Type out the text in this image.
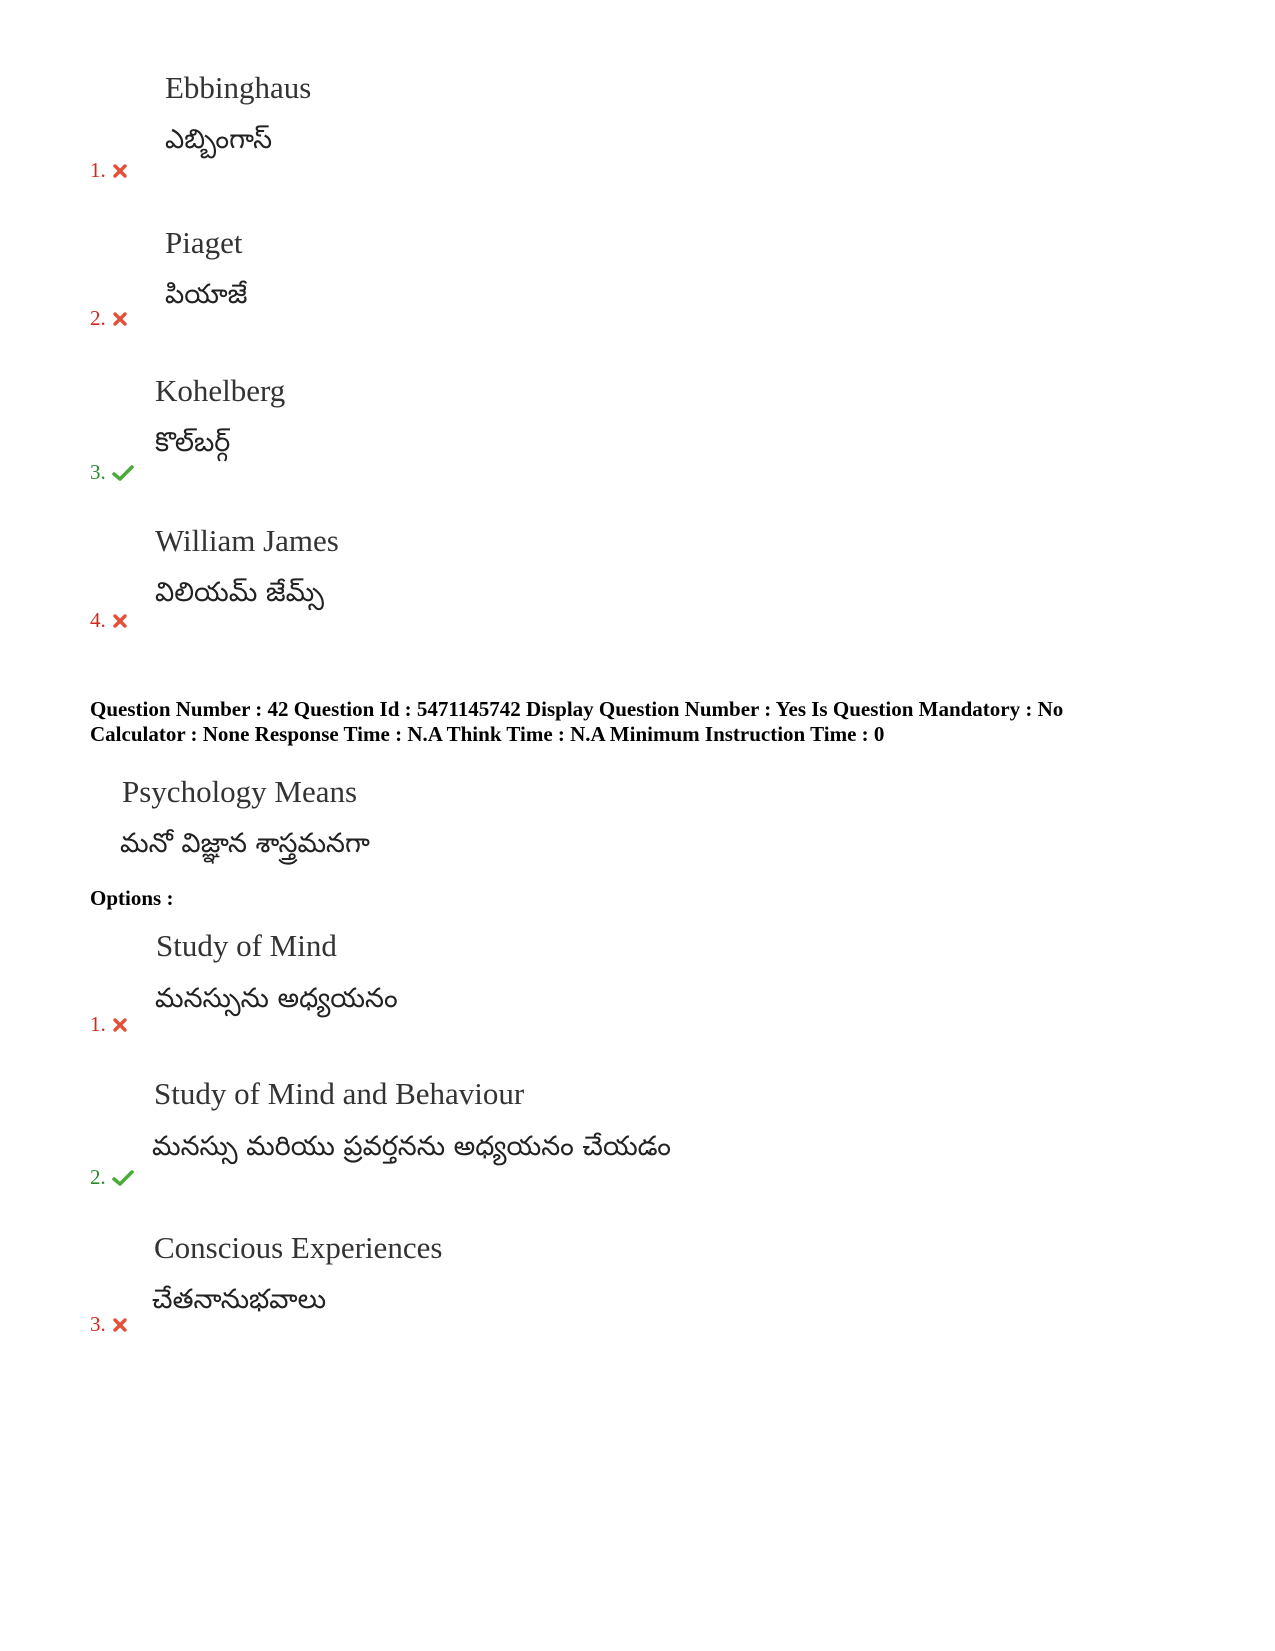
Ebbinghaus
ఎబ్బింగాస్
1.
Piaget
పియాజే
2.
Kohelberg
కొల్‌బర్గ్
3.
William James
విలియమ్ జేమ్స్
4.
Question Number : 42 Question Id : 5471145742 Display Question Number : Yes Is Question Mandatory : No
Calculator : None Response Time : N.A Think Time : N.A Minimum Instruction Time : 0
Psychology Means
మనో విజ్ఞాన శాస్త్రమనగా
Options :
Study of Mind
మనస్సును అధ్యయనం
1.
Study of Mind and Behaviour
మనస్సు మరియు ప్రవర్తనను అధ్యయనం చేయడం
2.
Conscious Experiences
చేతనానుభవాలు
3.
